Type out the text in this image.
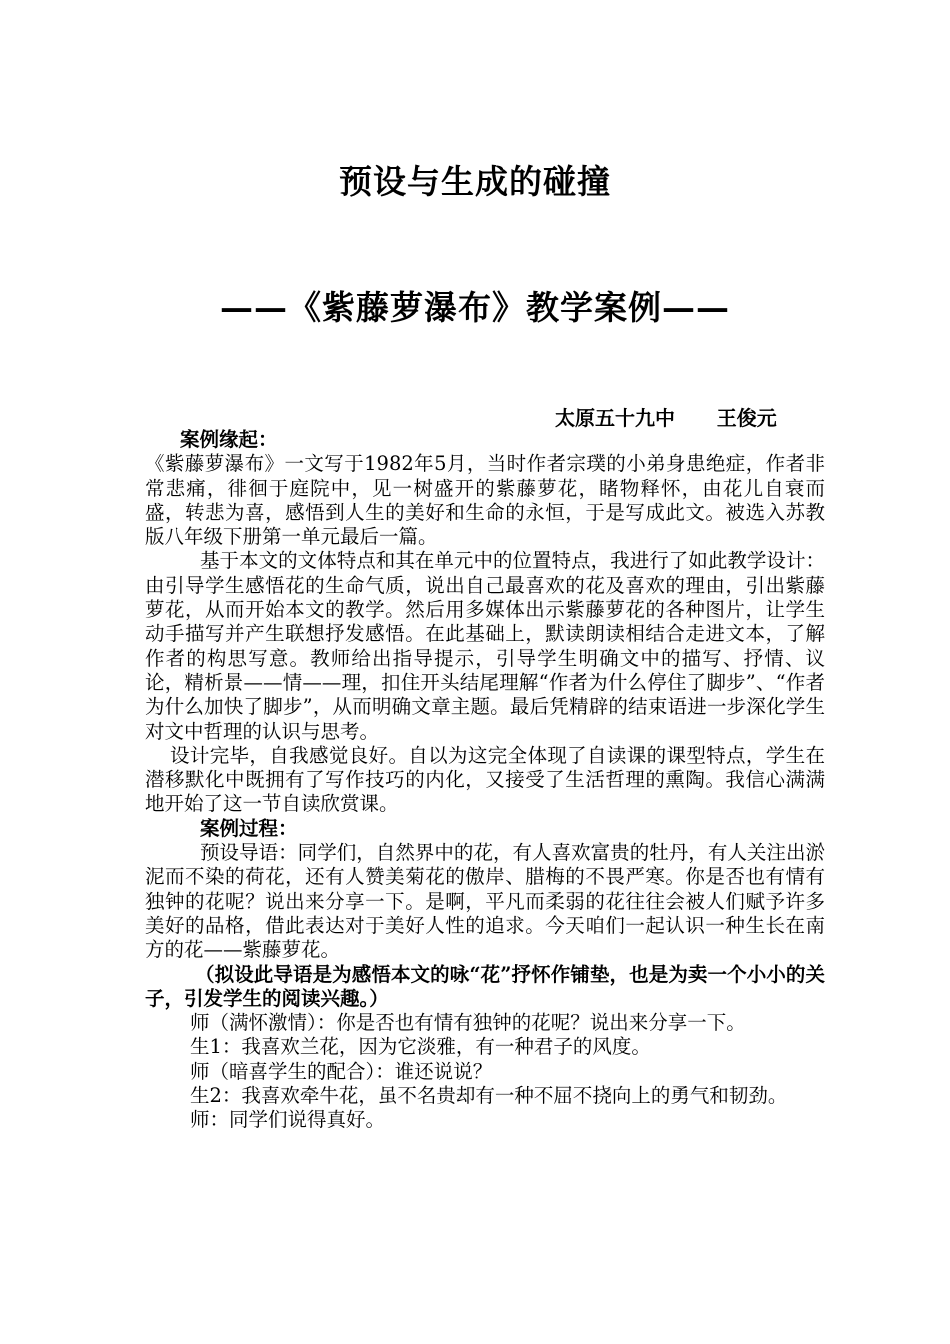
预设与生成的碰撞
——《紫藤萝瀑布》教学案例——
太原五十九中      王俊元

案例缘起：

《紫藤萝瀑布》一文写于1982年5月，当时作者宗璞的小弟身患绝症，作者非常悲痛，徘徊于庭院中，见一树盛开的紫藤萝花，睹物释怀，由花儿自衰而盛，转悲为喜，感悟到人生的美好和生命的永恒，于是写成此文。被选入苏教版八年级下册第一单元最后一篇。

基于本文的文体特点和其在单元中的位置特点，我进行了如此教学设计：由引导学生感悟花的生命气质，说出自己最喜欢的花及喜欢的理由，引出紫藤萝花，从而开始本文的教学。然后用多媒体出示紫藤萝花的各种图片，让学生动手描写并产生联想抒发感悟。在此基础上，默读朗读相结合走进文本，了解作者的构思写意。教师给出指导提示，引导学生明确文中的描写、抒情、议论，精析景——情——理，扣住开头结尾理解“作者为什么停住了脚步”、“作者为什么加快了脚步”，从而明确文章主题。最后凭精辟的结束语进一步深化学生对文中哲理的认识与思考。

设计完毕，自我感觉良好。自以为这完全体现了自读课的课型特点，学生在潜移默化中既拥有了写作技巧的内化，又接受了生活哲理的熏陶。我信心满满地开始了这一节自读欣赏课。

案例过程：

预设导语：同学们，自然界中的花，有人喜欢富贵的牡丹，有人关注出淤泥而不染的荷花，还有人赞美菊花的傲岸、腊梅的不畏严寒。你是否也有情有独钟的花呢？说出来分享一下。是啊，平凡而柔弱的花往往会被人们赋予许多美好的品格，借此表达对于美好人性的追求。今天咱们一起认识一种生长在南方的花——紫藤萝花。

（拟设此导语是为感悟本文的咏“花”抒怀作铺垫，也是为卖一个小小的关子，引发学生的阅读兴趣。）

师（满怀激情）：你是否也有情有独钟的花呢？说出来分享一下。

生1：我喜欢兰花，因为它淡雅，有一种君子的风度。

师（暗喜学生的配合）：谁还说说？

生2：我喜欢牵牛花，虽不名贵却有一种不屈不挠向上的勇气和韧劲。

师：同学们说得真好。
